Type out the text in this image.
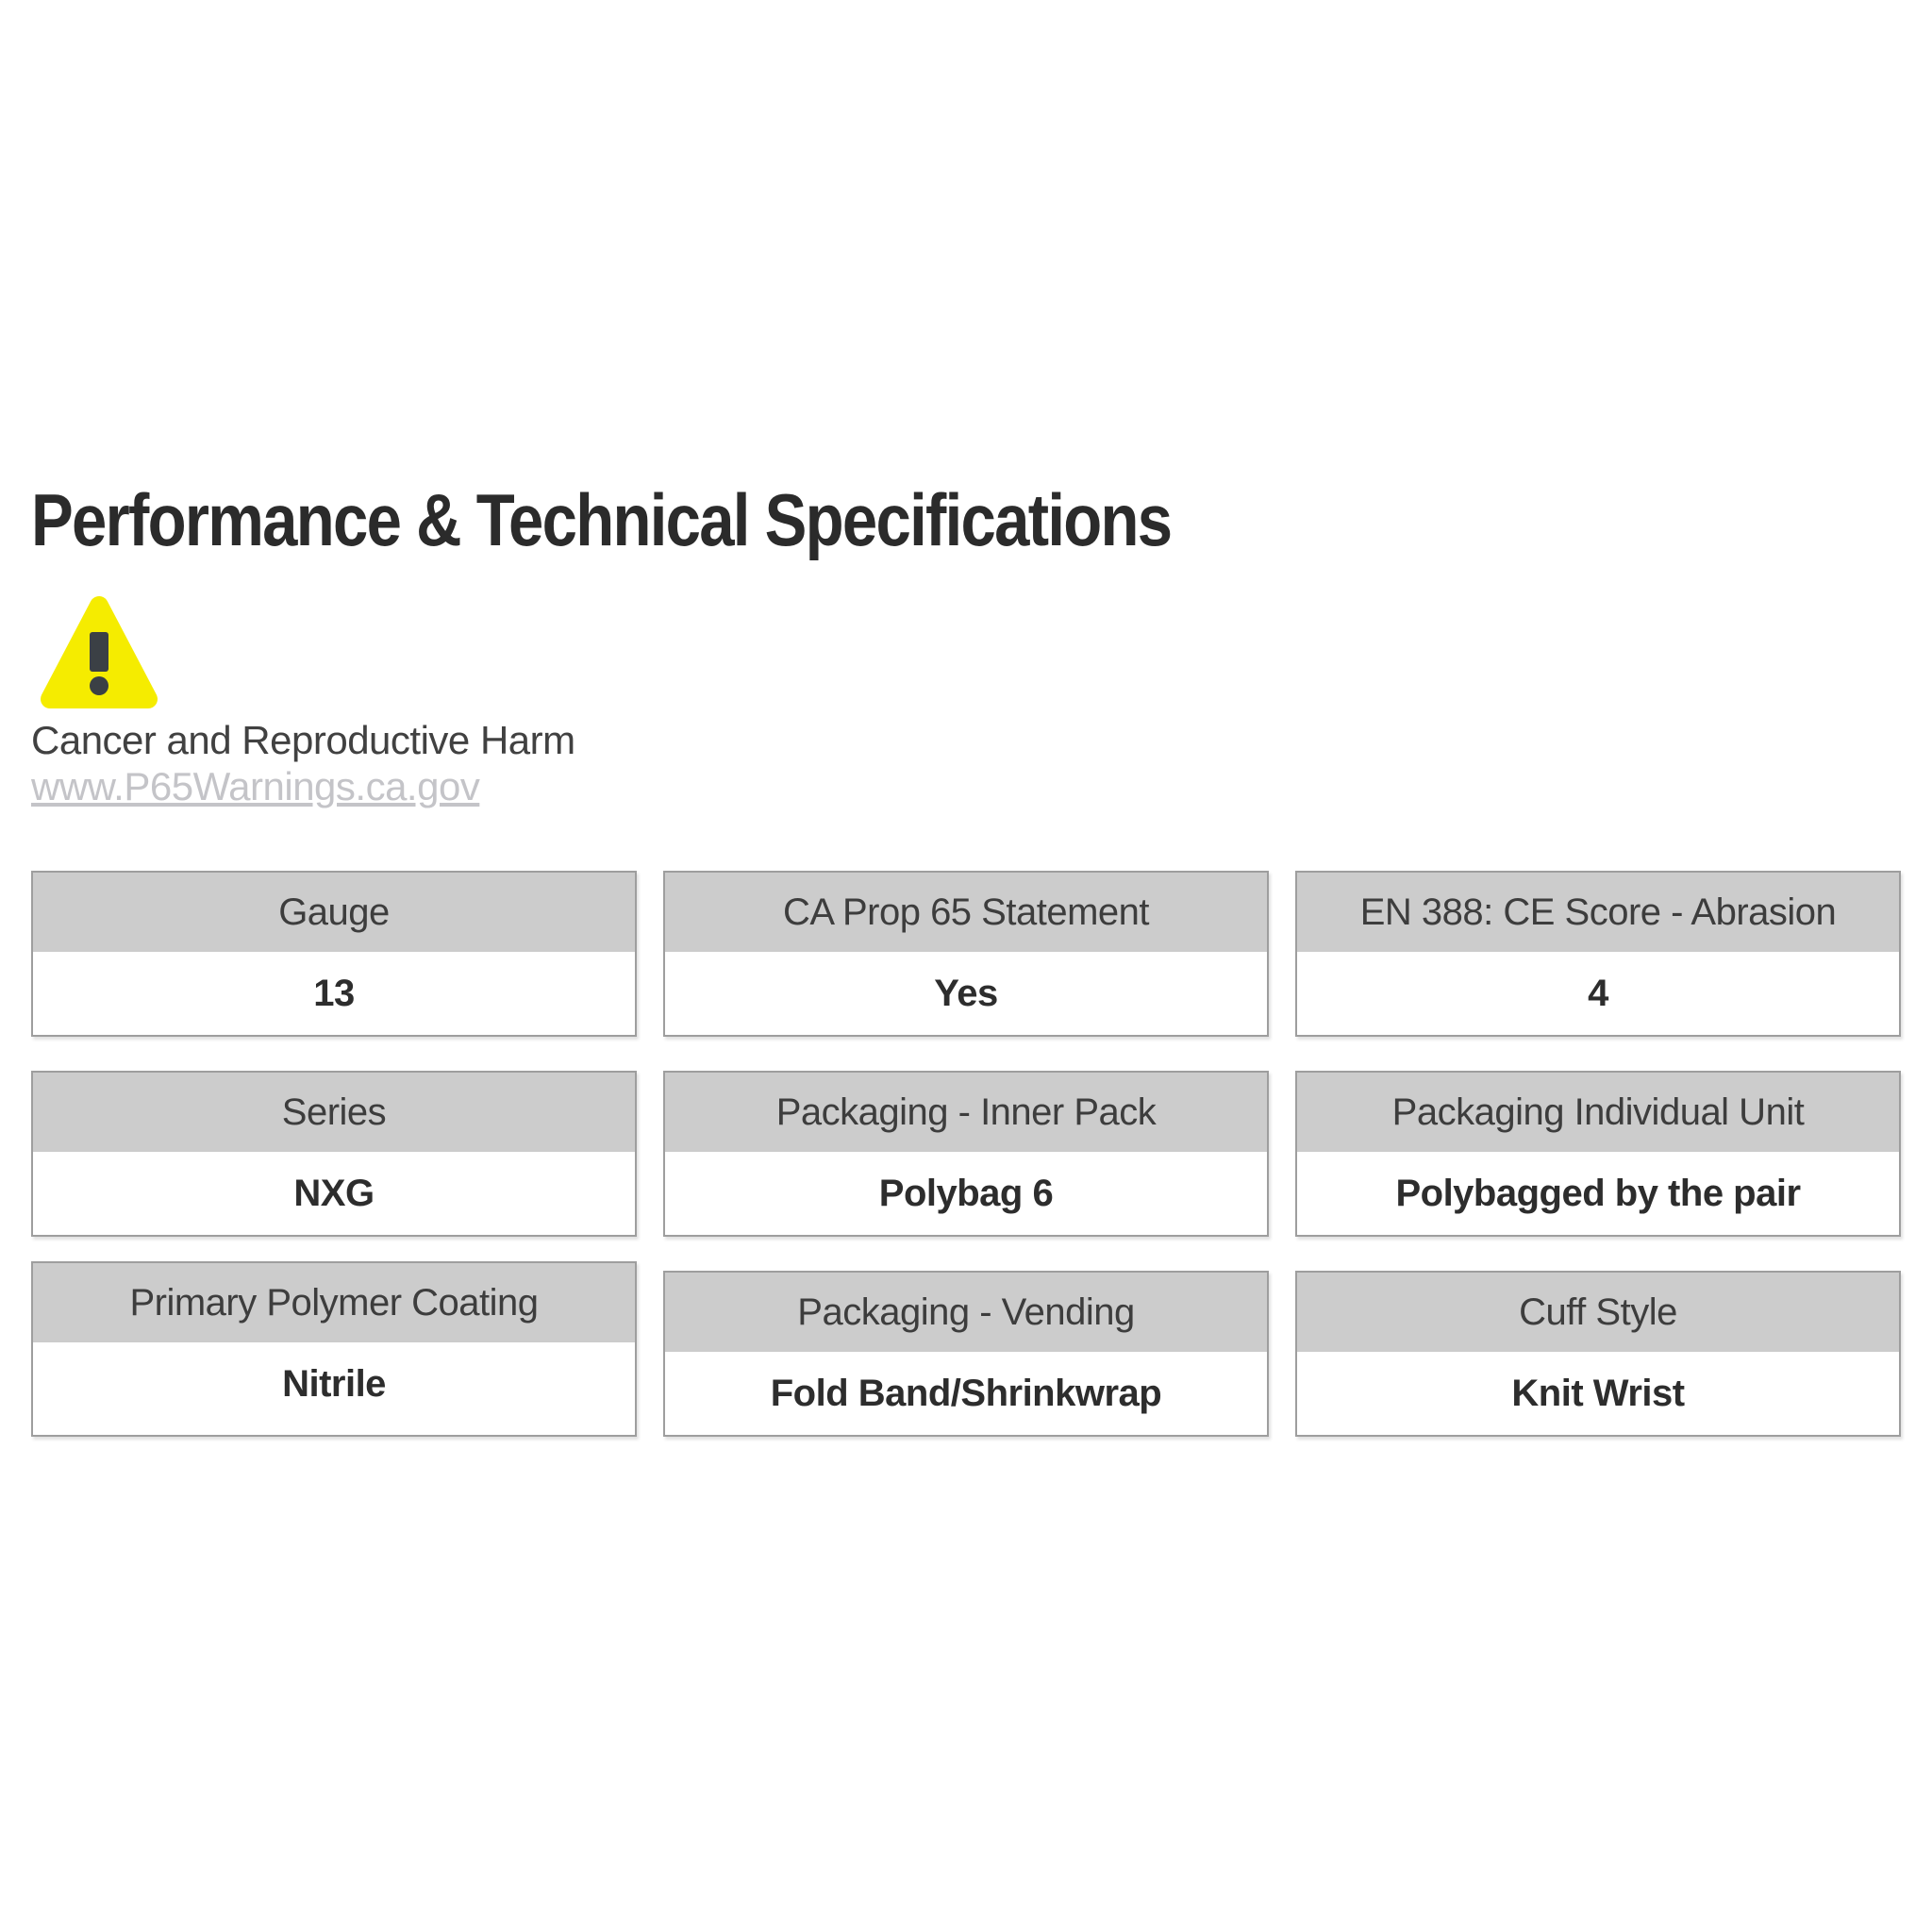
Performance & Technical Specifications
Cancer and Reproductive Harm
www.P65Warnings.ca.gov
Gauge
13
CA Prop 65 Statement
Yes
EN 388: CE Score - Abrasion
4
Series
NXG
Packaging - Inner Pack
Polybag 6
Packaging Individual Unit
Polybagged by the pair
Primary Polymer Coating
Nitrile
Packaging - Vending
Fold Band/Shrinkwrap
Cuff Style
Knit Wrist
